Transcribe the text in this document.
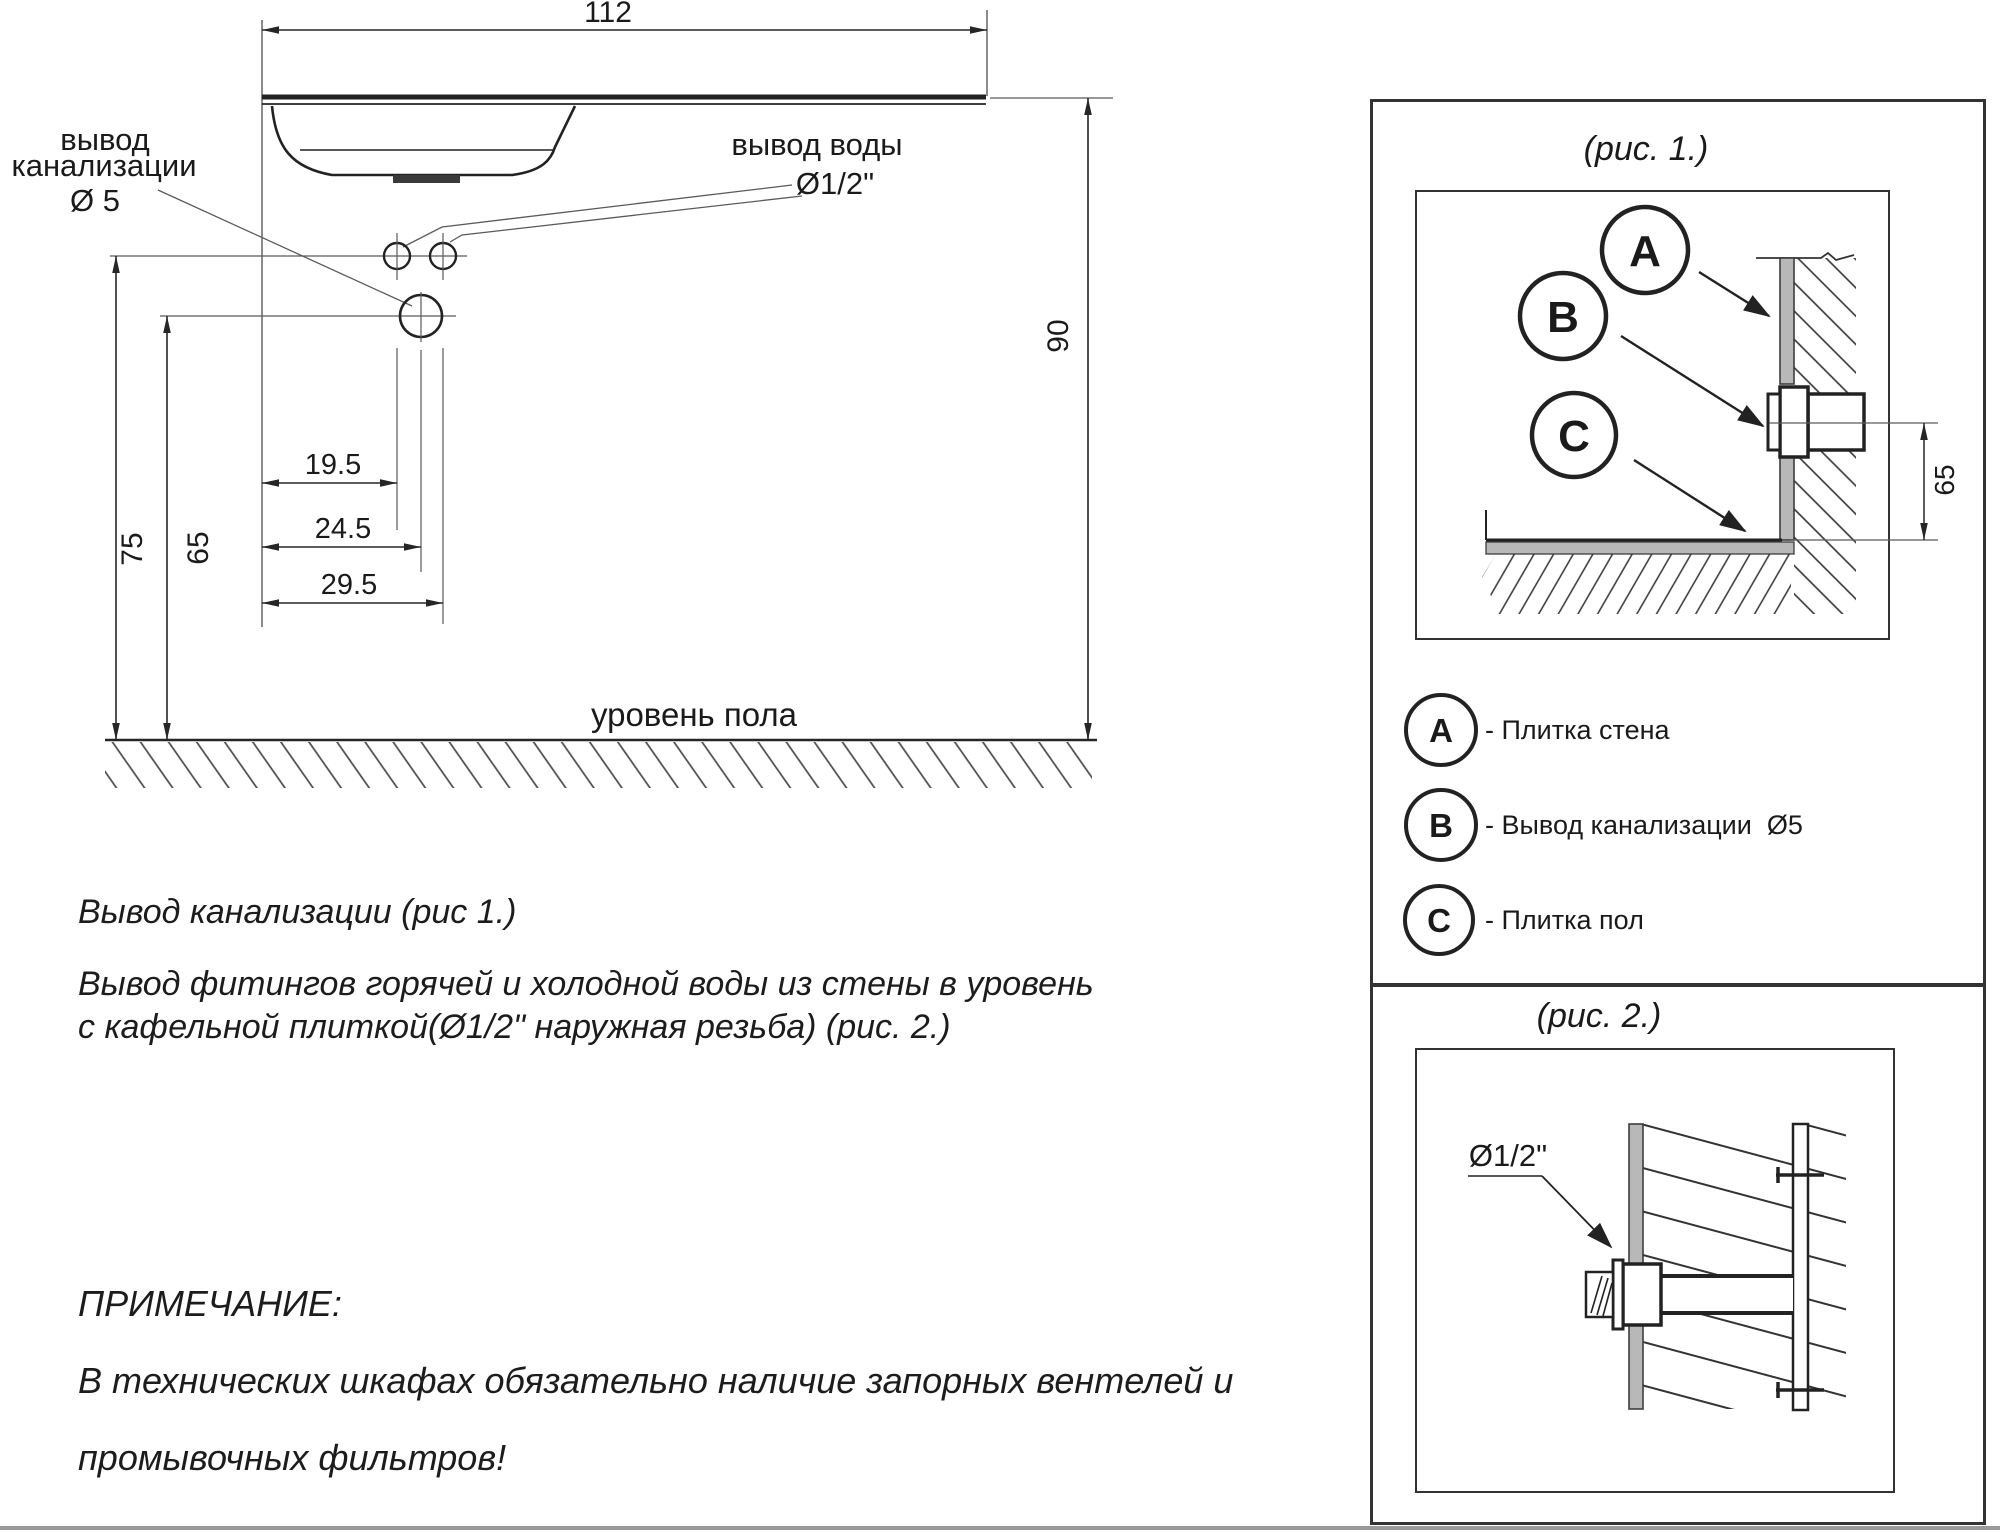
112
вывод
канализации
Ø 5
вывод воды
Ø1/2"
75 65
19.5
24.5
29.5
90
уровень пола
Вывод канализации (рис 1.)
Вывод фитингов горячей и холодной воды из стены в уровень
с кафельной плиткой(Ø1/2" наружная резьба) (рис. 2.)
ПРИМЕЧАНИЕ:
В технических шкафах обязательно наличие запорных вентелей и
промывочных фильтров!
(рис. 1.)
A
B
C
65
A - Плитка стена
B - Вывод канализации  Ø5
C - Плитка пол
(рис. 2.)
Ø1/2"
